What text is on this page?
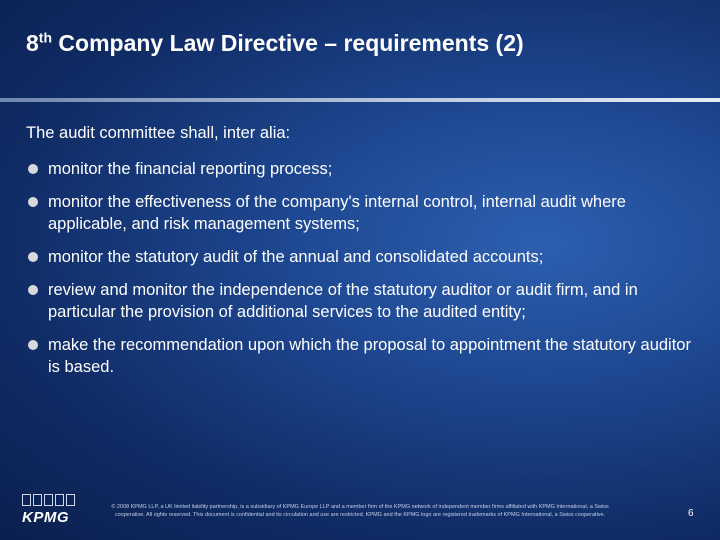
8th Company Law Directive – requirements (2)

The audit committee shall, inter alia:

monitor the financial reporting process;
monitor the effectiveness of the company's internal control, internal audit where applicable, and risk management systems;
monitor the statutory audit of the annual and consolidated accounts;
review and monitor the independence of the statutory auditor or audit firm, and in particular the provision of additional services to the audited entity;
make the recommendation upon which the proposal to appointment the statutory auditor is based.
KPMG
© 2008 KPMG LLP, a UK limited liability partnership, is a subsidiary of KPMG Europe LLP and a member firm of the KPMG network of independent member firms affiliated with KPMG International, a Swiss cooperative. All rights reserved. This document is confidential and its circulation and use are restricted. KPMG and the KPMG logo are registered trademarks of KPMG International, a Swiss cooperative.	6
